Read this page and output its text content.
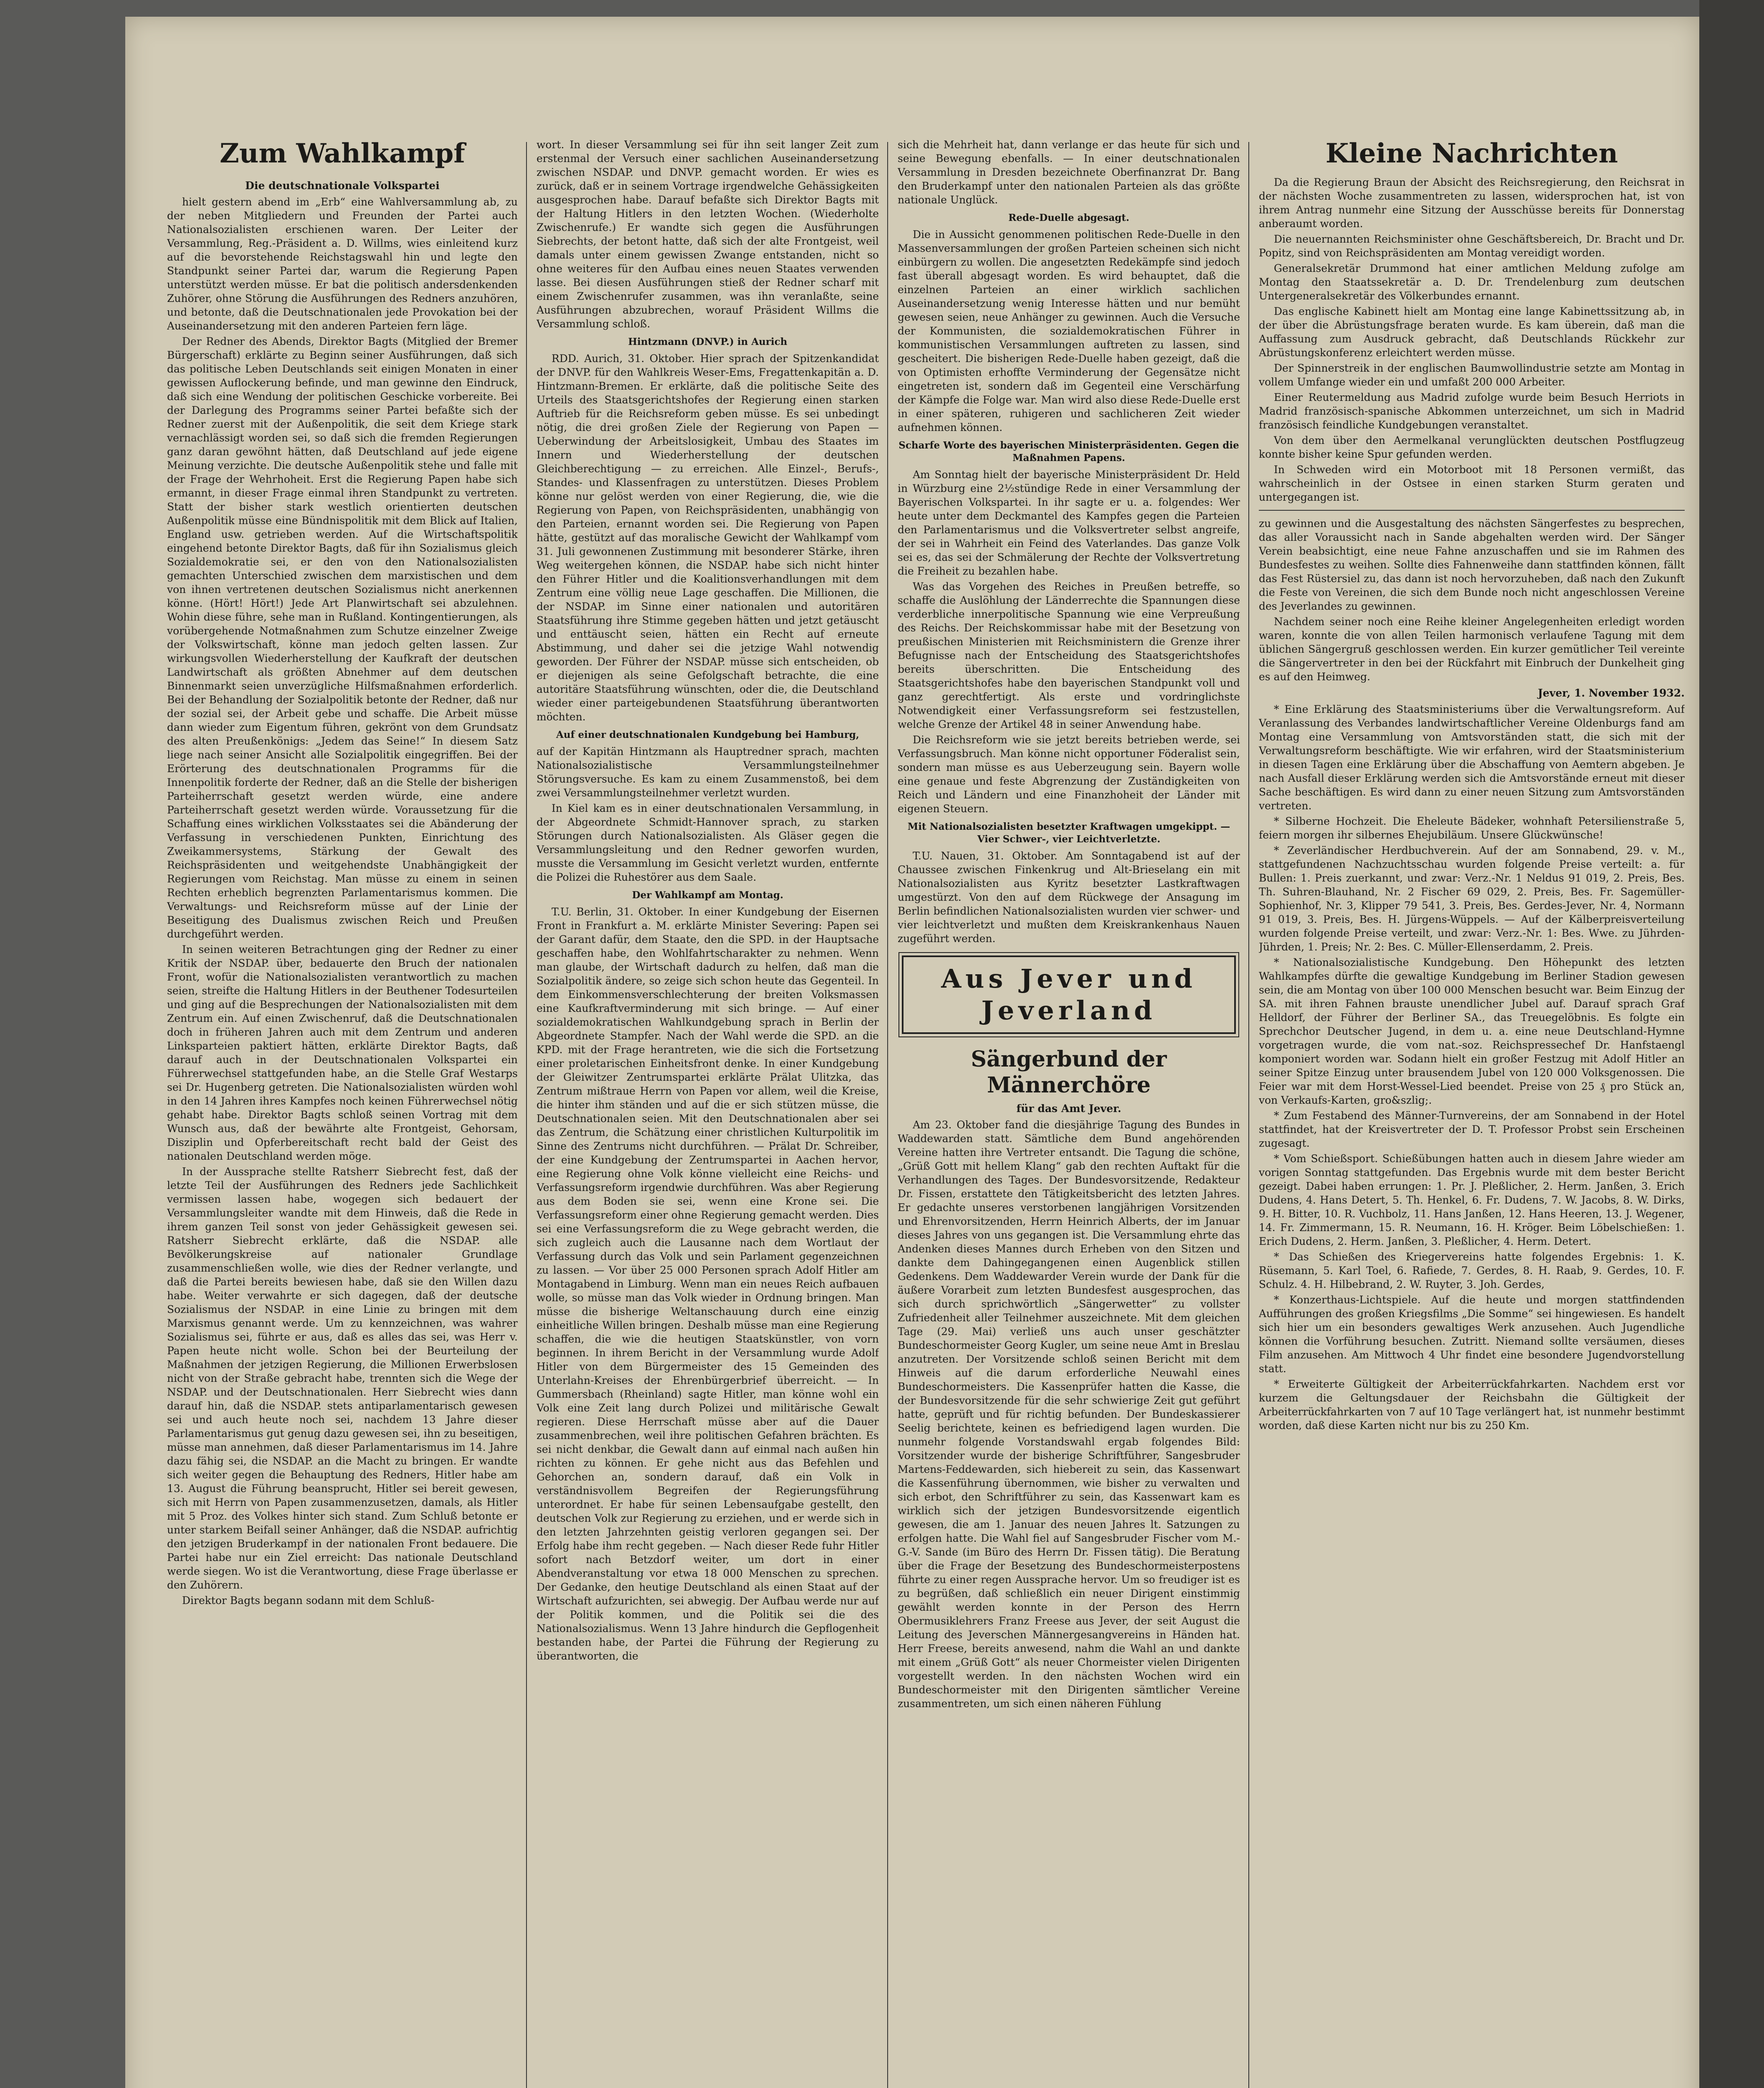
Zum Wahlkampf
Die deutschnationale Volkspartei

hielt gestern abend im „Erb“ eine Wahlversammlung ab, zu der neben Mitgliedern und Freunden der Partei auch Nationalsozialisten erschienen waren. Der Leiter der Versammlung, Reg.-Präsident a. D. Willms, wies einleitend kurz auf die bevorstehende Reichstagswahl hin und legte den Standpunkt seiner Partei dar, warum die Regierung Papen unterstützt werden müsse. Er bat die politisch andersdenkenden Zuhörer, ohne Störung die Ausführungen des Redners anzuhören, und betonte, daß die Deutschnationalen jede Provokation bei der Auseinandersetzung mit den anderen Parteien fern läge.

Der Redner des Abends, Direktor Bagts (Mitglied der Bremer Bürgerschaft) erklärte zu Beginn seiner Ausführungen, daß sich das politische Leben Deutschlands seit einigen Monaten in einer gewissen Auflockerung befinde, und man gewinne den Eindruck, daß sich eine Wendung der politischen Geschicke vorbereite. Bei der Darlegung des Programms seiner Partei befaßte sich der Redner zuerst mit der Außenpolitik, die seit dem Kriege stark vernachlässigt worden sei, so daß sich die fremden Regierungen ganz daran gewöhnt hätten, daß Deutschland auf jede eigene Meinung verzichte. Die deutsche Außenpolitik stehe und falle mit der Frage der Wehrhoheit. Erst die Regierung Papen habe sich ermannt, in dieser Frage einmal ihren Standpunkt zu vertreten. Statt der bisher stark westlich orientierten deutschen Außenpolitik müsse eine Bündnispolitik mit dem Blick auf Italien, England usw. getrieben werden. Auf die Wirtschaftspolitik eingehend betonte Direktor Bagts, daß für ihn Sozialismus gleich Sozialdemokratie sei, er den von den Nationalsozialisten gemachten Unterschied zwischen dem marxistischen und dem von ihnen vertretenen deutschen Sozialismus nicht anerkennen könne. (Hört! Hört!) Jede Art Planwirtschaft sei abzulehnen. Wohin diese führe, sehe man in Rußland. Kontingentierungen, als vorübergehende Notmaßnahmen zum Schutze einzelner Zweige der Volkswirtschaft, könne man jedoch gelten lassen. Zur wirkungsvollen Wiederherstellung der Kaufkraft der deutschen Landwirtschaft als größten Abnehmer auf dem deutschen Binnenmarkt seien unverzügliche Hilfsmaßnahmen erforderlich. Bei der Behandlung der Sozialpolitik betonte der Redner, daß nur der sozial sei, der Arbeit gebe und schaffe. Die Arbeit müsse dann wieder zum Eigentum führen, gekrönt von dem Grundsatz des alten Preußenkönigs: „Jedem das Seine!“ In diesem Satz liege nach seiner Ansicht alle Sozialpolitik eingegriffen. Bei der Erörterung des deutschnationalen Programms für die Innenpolitik forderte der Redner, daß an die Stelle der bisherigen Parteiherrschaft gesetzt werden würde, eine andere Parteiherrschaft gesetzt werden würde. Voraussetzung für die Schaffung eines wirklichen Volksstaates sei die Abänderung der Verfassung in verschiedenen Punkten, Einrichtung des Zweikammersystems, Stärkung der Gewalt des Reichspräsidenten und weitgehendste Unabhängigkeit der Regierungen vom Reichstag. Man müsse zu einem in seinen Rechten erheblich begrenzten Parlamentarismus kommen. Die Verwaltungs- und Reichsreform müsse auf der Linie der Beseitigung des Dualismus zwischen Reich und Preußen durchgeführt werden.

In seinen weiteren Betrachtungen ging der Redner zu einer Kritik der NSDAP. über, bedauerte den Bruch der nationalen Front, wofür die Nationalsozialisten verantwortlich zu machen seien, streifte die Haltung Hitlers in der Beuthener Todesurteilen und ging auf die Besprechungen der Nationalsozialisten mit dem Zentrum ein. Auf einen Zwischenruf, daß die Deutschnationalen doch in früheren Jahren auch mit dem Zentrum und anderen Linksparteien paktiert hätten, erklärte Direktor Bagts, daß darauf auch in der Deutschnationalen Volkspartei ein Führerwechsel stattgefunden habe, an die Stelle Graf Westarps sei Dr. Hugenberg getreten. Die Nationalsozialisten würden wohl in den 14 Jahren ihres Kampfes noch keinen Führerwechsel nötig gehabt habe. Direktor Bagts schloß seinen Vortrag mit dem Wunsch aus, daß der bewährte alte Frontgeist, Gehorsam, Disziplin und Opferbereitschaft recht bald der Geist des nationalen Deutschland werden möge.

In der Aussprache stellte Ratsherr Siebrecht fest, daß der letzte Teil der Ausführungen des Redners jede Sachlichkeit vermissen lassen habe, wogegen sich bedauert der Versammlungsleiter wandte mit dem Hinweis, daß die Rede in ihrem ganzen Teil sonst von jeder Gehässigkeit gewesen sei. Ratsherr Siebrecht erklärte, daß die NSDAP. alle Bevölkerungskreise auf nationaler Grundlage zusammenschließen wolle, wie dies der Redner verlangte, und daß die Partei bereits bewiesen habe, daß sie den Willen dazu habe. Weiter verwahrte er sich dagegen, daß der deutsche Sozialismus der NSDAP. in eine Linie zu bringen mit dem Marxismus genannt werde. Um zu kennzeichnen, was wahrer Sozialismus sei, führte er aus, daß es alles das sei, was Herr v. Papen heute nicht wolle. Schon bei der Beurteilung der Maßnahmen der jetzigen Regierung, die Millionen Erwerbslosen nicht von der Straße gebracht habe, trennten sich die Wege der NSDAP. und der Deutschnationalen. Herr Siebrecht wies dann darauf hin, daß die NSDAP. stets antiparlamentarisch gewesen sei und auch heute noch sei, nachdem 13 Jahre dieser Parlamentarismus gut genug dazu gewesen sei, ihn zu beseitigen, müsse man annehmen, daß dieser Parlamentarismus im 14. Jahre dazu fähig sei, die NSDAP. an die Macht zu bringen. Er wandte sich weiter gegen die Behauptung des Redners, Hitler habe am 13. August die Führung beansprucht, Hitler sei bereit gewesen, sich mit Herrn von Papen zusammenzusetzen, damals, als Hitler mit 5 Proz. des Volkes hinter sich stand. Zum Schluß betonte er unter starkem Beifall seiner Anhänger, daß die NSDAP. aufrichtig den jetzigen Bruderkampf in der nationalen Front bedauere. Die Partei habe nur ein Ziel erreicht: Das nationale Deutschland werde siegen. Wo ist die Verantwortung, diese Frage überlasse er den Zuhörern.

Direktor Bagts begann sodann mit dem Schluß-

wort. In dieser Versammlung sei für ihn seit langer Zeit zum erstenmal der Versuch einer sachlichen Auseinandersetzung zwischen NSDAP. und DNVP. gemacht worden. Er wies es zurück, daß er in seinem Vortrage irgendwelche Gehässigkeiten ausgesprochen habe. Darauf befaßte sich Direktor Bagts mit der Haltung Hitlers in den letzten Wochen. (Wiederholte Zwischenrufe.) Er wandte sich gegen die Ausführungen Siebrechts, der betont hatte, daß sich der alte Frontgeist, weil damals unter einem gewissen Zwange entstanden, nicht so ohne weiteres für den Aufbau eines neuen Staates verwenden lasse. Bei diesen Ausführungen stieß der Redner scharf mit einem Zwischenrufer zusammen, was ihn veranlaßte, seine Ausführungen abzubrechen, worauf Präsident Willms die Versammlung schloß.

Hintzmann (DNVP.) in Aurich

RDD. Aurich, 31. Oktober. Hier sprach der Spitzenkandidat der DNVP. für den Wahlkreis Weser-Ems, Fregattenkapitän a. D. Hintzmann-Bremen. Er erklärte, daß die politische Seite des Urteils des Staatsgerichtshofes der Regierung einen starken Auftrieb für die Reichsreform geben müsse. Es sei unbedingt nötig, die drei großen Ziele der Regierung von Papen — Ueberwindung der Arbeitslosigkeit, Umbau des Staates im Innern und Wiederherstellung der deutschen Gleichberechtigung — zu erreichen. Alle Einzel-, Berufs-, Standes- und Klassenfragen zu unterstützen. Dieses Problem könne nur gelöst werden von einer Regierung, die, wie die Regierung von Papen, von Reichspräsidenten, unabhängig von den Parteien, ernannt worden sei. Die Regierung von Papen hätte, gestützt auf das moralische Gewicht der Wahlkampf vom 31. Juli gewonnenen Zustimmung mit besonderer Stärke, ihren Weg weitergehen können, die NSDAP. habe sich nicht hinter den Führer Hitler und die Koalitionsverhandlungen mit dem Zentrum eine völlig neue Lage geschaffen. Die Millionen, die der NSDAP. im Sinne einer nationalen und autoritären Staatsführung ihre Stimme gegeben hätten und jetzt getäuscht und enttäuscht seien, hätten ein Recht auf erneute Abstimmung, und daher sei die jetzige Wahl notwendig geworden. Der Führer der NSDAP. müsse sich entscheiden, ob er diejenigen als seine Gefolgschaft betrachte, die eine autoritäre Staatsführung wünschten, oder die, die Deutschland wieder einer parteigebundenen Staatsführung überantworten möchten.

Auf einer deutschnationalen Kundgebung bei Hamburg,

auf der Kapitän Hintzmann als Hauptredner sprach, machten Nationalsozialistische Versammlungsteilnehmer Störungsversuche. Es kam zu einem Zusammenstoß, bei dem zwei Versammlungsteilnehmer verletzt wurden.

In Kiel kam es in einer deutschnationalen Versammlung, in der Abgeordnete Schmidt-Hannover sprach, zu starken Störungen durch Nationalsozialisten. Als Gläser gegen die Versammlungsleitung und den Redner geworfen wurden, musste die Versammlung im Gesicht verletzt wurden, entfernte die Polizei die Ruhestörer aus dem Saale.

Der Wahlkampf am Montag.

T.U. Berlin, 31. Oktober. In einer Kundgebung der Eisernen Front in Frankfurt a. M. erklärte Minister Severing: Papen sei der Garant dafür, dem Staate, den die SPD. in der Hauptsache geschaffen habe, den Wohlfahrtscharakter zu nehmen. Wenn man glaube, der Wirtschaft dadurch zu helfen, daß man die Sozialpolitik ändere, so zeige sich schon heute das Gegenteil. In dem Einkommensverschlechterung der breiten Volksmassen eine Kaufkraftverminderung mit sich bringe. — Auf einer sozialdemokratischen Wahlkundgebung sprach in Berlin der Abgeordnete Stampfer. Nach der Wahl werde die SPD. an die KPD. mit der Frage herantreten, wie die sich die Fortsetzung einer proletarischen Einheitsfront denke. In einer Kundgebung der Gleiwitzer Zentrumspartei erklärte Prälat Ulitzka, das Zentrum mißtraue Herrn von Papen vor allem, weil die Kreise, die hinter ihm ständen und auf die er sich stützen müsse, die Deutschnationalen seien. Mit den Deutschnationalen aber sei das Zentrum, die Schätzung einer christlichen Kulturpolitik im Sinne des Zentrums nicht durchführen. — Prälat Dr. Schreiber, der eine Kundgebung der Zentrumspartei in Aachen hervor, eine Regierung ohne Volk könne vielleicht eine Reichs- und Verfassungsreform irgendwie durchführen. Was aber Regierung aus dem Boden sie sei, wenn eine Krone sei. Die Verfassungsreform einer ohne Regierung gemacht werden. Dies sei eine Verfassungsreform die zu Wege gebracht werden, die sich zugleich auch die Lausanne nach dem Wortlaut der Verfassung durch das Volk und sein Parlament gegenzeichnen zu lassen. — Vor über 25 000 Personen sprach Adolf Hitler am Montagabend in Limburg. Wenn man ein neues Reich aufbauen wolle, so müsse man das Volk wieder in Ordnung bringen. Man müsse die bisherige Weltanschauung durch eine einzig einheitliche Willen bringen. Deshalb müsse man eine Regierung schaffen, die wie die heutigen Staatskünstler, von vorn beginnen. In ihrem Bericht in der Versammlung wurde Adolf Hitler von dem Bürgermeister des 15 Gemeinden des Unterlahn-Kreises der Ehrenbürgerbrief überreicht. — In Gummersbach (Rheinland) sagte Hitler, man könne wohl ein Volk eine Zeit lang durch Polizei und militärische Gewalt regieren. Diese Herrschaft müsse aber auf die Dauer zusammenbrechen, weil ihre politischen Gefahren brächten. Es sei nicht denkbar, die Gewalt dann auf einmal nach außen hin richten zu können. Er gehe nicht aus das Befehlen und Gehorchen an, sondern darauf, daß ein Volk in verständnisvollem Begreifen der Regierungsführung unterordnet. Er habe für seinen Lebensaufgabe gestellt, den deutschen Volk zur Regierung zu erziehen, und er werde sich in den letzten Jahrzehnten geistig verloren gegangen sei. Der Erfolg habe ihm recht gegeben. — Nach dieser Rede fuhr Hitler sofort nach Betzdorf weiter, um dort in einer Abendveranstaltung vor etwa 18 000 Menschen zu sprechen. Der Gedanke, den heutige Deutschland als einen Staat auf der Wirtschaft aufzurichten, sei abwegig. Der Aufbau werde nur auf der Politik kommen, und die Politik sei die des Nationalsozialismus. Wenn 13 Jahre hindurch die Gepflogenheit bestanden habe, der Partei die Führung der Regierung zu überantworten, die

sich die Mehrheit hat, dann verlange er das heute für sich und seine Bewegung ebenfalls. — In einer deutschnationalen Versammlung in Dresden bezeichnete Oberfinanzrat Dr. Bang den Bruderkampf unter den nationalen Parteien als das größte nationale Unglück.

Rede-Duelle abgesagt.

Die in Aussicht genommenen politischen Rede-Duelle in den Massenversammlungen der großen Parteien scheinen sich nicht einbürgern zu wollen. Die angesetzten Redekämpfe sind jedoch fast überall abgesagt worden. Es wird behauptet, daß die einzelnen Parteien an einer wirklich sachlichen Auseinandersetzung wenig Interesse hätten und nur bemüht gewesen seien, neue Anhänger zu gewinnen. Auch die Versuche der Kommunisten, die sozialdemokratischen Führer in kommunistischen Versammlungen auftreten zu lassen, sind gescheitert. Die bisherigen Rede-Duelle haben gezeigt, daß die von Optimisten erhoffte Verminderung der Gegensätze nicht eingetreten ist, sondern daß im Gegenteil eine Verschärfung der Kämpfe die Folge war. Man wird also diese Rede-Duelle erst in einer späteren, ruhigeren und sachlicheren Zeit wieder aufnehmen können.

Scharfe Worte des bayerischen Ministerpräsidenten. Gegen die Maßnahmen Papens.

Am Sonntag hielt der bayerische Ministerpräsident Dr. Held in Würzburg eine 2½stündige Rede in einer Versammlung der Bayerischen Volkspartei. In ihr sagte er u. a. folgendes: Wer heute unter dem Deckmantel des Kampfes gegen die Parteien den Parlamentarismus und die Volksvertreter selbst angreife, der sei in Wahrheit ein Feind des Vaterlandes. Das ganze Volk sei es, das sei der Schmälerung der Rechte der Volksvertretung die Freiheit zu bezahlen habe.

Was das Vorgehen des Reiches in Preußen betreffe, so schaffe die Auslöhlung der Länderrechte die Spannungen diese verderbliche innerpolitische Spannung wie eine Verpreußung des Reichs. Der Reichskommissar habe mit der Besetzung von preußischen Ministerien mit Reichsministern die Grenze ihrer Befugnisse nach der Entscheidung des Staatsgerichtshofes bereits überschritten. Die Entscheidung des Staatsgerichtshofes habe den bayerischen Standpunkt voll und ganz gerechtfertigt. Als erste und vordringlichste Notwendigkeit einer Verfassungsreform sei festzustellen, welche Grenze der Artikel 48 in seiner Anwendung habe.

Die Reichsreform wie sie jetzt bereits betrieben werde, sei Verfassungsbruch. Man könne nicht opportuner Föderalist sein, sondern man müsse es aus Ueberzeugung sein. Bayern wolle eine genaue und feste Abgrenzung der Zuständigkeiten von Reich und Ländern und eine Finanzhoheit der Länder mit eigenen Steuern.

Mit Nationalsozialisten besetzter Kraftwagen umgekippt. — Vier Schwer-, vier Leichtverletzte.

T.U. Nauen, 31. Oktober. Am Sonntagabend ist auf der Chaussee zwischen Finkenkrug und Alt-Brieselang ein mit Nationalsozialisten aus Kyritz besetzter Lastkraftwagen umgestürzt. Von den auf dem Rückwege der Ansagung im Berlin befindlichen Nationalsozialisten wurden vier schwer- und vier leichtverletzt und mußten dem Kreiskrankenhaus Nauen zugeführt werden.

Aus Jever und Jeverland
Sängerbund der Männerchöre
für das Amt Jever.

Am 23. Oktober fand die diesjährige Tagung des Bundes in Waddewarden statt. Sämtliche dem Bund angehörenden Vereine hatten ihre Vertreter entsandt. Die Tagung die schöne, „Grüß Gott mit hellem Klang“ gab den rechten Auftakt für die Verhandlungen des Tages. Der Bundesvorsitzende, Redakteur Dr. Fissen, erstattete den Tätigkeitsbericht des letzten Jahres. Er gedachte unseres verstorbenen langjährigen Vorsitzenden und Ehrenvorsitzenden, Herrn Heinrich Alberts, der im Januar dieses Jahres von uns gegangen ist. Die Versammlung ehrte das Andenken dieses Mannes durch Erheben von den Sitzen und dankte dem Dahingegangenen einen Augenblick stillen Gedenkens. Dem Waddewarder Verein wurde der Dank für die äußere Vorarbeit zum letzten Bundesfest ausgesprochen, das sich durch sprichwörtlich „Sängerwetter“ zu vollster Zufriedenheit aller Teilnehmer auszeichnete. Mit dem gleichen Tage (29. Mai) verließ uns auch unser geschätzter Bundeschormeister Georg Kugler, um seine neue Amt in Breslau anzutreten. Der Vorsitzende schloß seinen Bericht mit dem Hinweis auf die darum erforderliche Neuwahl eines Bundeschormeisters. Die Kassenprüfer hatten die Kasse, die der Bundesvorsitzende für die sehr schwierige Zeit gut geführt hatte, geprüft und für richtig befunden. Der Bundeskassierer Seelig berichtete, keinen es befriedigend lagen wurden. Die nunmehr folgende Vorstandswahl ergab folgendes Bild: Vorsitzender wurde der bisherige Schriftführer, Sangesbruder Martens-Feddewarden, sich hiebereit zu sein, das Kassenwart die Kassenführung übernommen, wie bisher zu verwalten und sich erbot, den Schriftführer zu sein, das Kassenwart kam es wirklich sich der jetzigen Bundesvorsitzende eigentlich gewesen, die am 1. Januar des neuen Jahres lt. Satzungen zu erfolgen hatte. Die Wahl fiel auf Sangesbruder Fischer vom M.-G.-V. Sande (im Büro des Herrn Dr. Fissen tätig). Die Beratung über die Frage der Besetzung des Bundeschormeisterpostens führte zu einer regen Aussprache hervor. Um so freudiger ist es zu begrüßen, daß schließlich ein neuer Dirigent einstimmig gewählt werden konnte in der Person des Herrn Obermusiklehrers Franz Freese aus Jever, der seit August die Leitung des Jeverschen Männergesangvereins in Händen hat. Herr Freese, bereits anwesend, nahm die Wahl an und dankte mit einem „Grüß Gott“ als neuer Chormeister vielen Dirigenten vorgestellt werden. In den nächsten Wochen wird ein Bundeschormeister mit den Dirigenten sämtlicher Vereine zusammentreten, um sich einen näheren Fühlung

Kleine Nachrichten

Da die Regierung Braun der Absicht des Reichsregierung, den Reichsrat in der nächsten Woche zusammentreten zu lassen, widersprochen hat, ist von ihrem Antrag nunmehr eine Sitzung der Ausschüsse bereits für Donnerstag anberaumt worden.

Die neuernannten Reichsminister ohne Geschäftsbereich, Dr. Bracht und Dr. Popitz, sind von Reichspräsidenten am Montag vereidigt worden.

Generalsekretär Drummond hat einer amtlichen Meldung zufolge am Montag den Staatssekretär a. D. Dr. Trendelenburg zum deutschen Untergeneralsekretär des Völkerbundes ernannt.

Das englische Kabinett hielt am Montag eine lange Kabinettssitzung ab, in der über die Abrüstungsfrage beraten wurde. Es kam überein, daß man die Auffassung zum Ausdruck gebracht, daß Deutschlands Rückkehr zur Abrüstungskonferenz erleichtert werden müsse.

Der Spinnerstreik in der englischen Baumwollindustrie setzte am Montag in vollem Umfange wieder ein und umfaßt 200 000 Arbeiter.

Einer Reutermeldung aus Madrid zufolge wurde beim Besuch Herriots in Madrid französisch-spanische Abkommen unterzeichnet, um sich in Madrid französisch feindliche Kundgebungen veranstaltet.

Von dem über den Aermelkanal verunglückten deutschen Postflugzeug konnte bisher keine Spur gefunden werden.

In Schweden wird ein Motorboot mit 18 Personen vermißt, das wahrscheinlich in der Ostsee in einen starken Sturm geraten und untergegangen ist.

zu gewinnen und die Ausgestaltung des nächsten Sängerfestes zu besprechen, das aller Voraussicht nach in Sande abgehalten werden wird. Der Sänger Verein beabsichtigt, eine neue Fahne anzuschaffen und sie im Rahmen des Bundesfestes zu weihen. Sollte dies Fahnenweihe dann stattfinden können, fällt das Fest Rüstersiel zu, das dann ist noch hervorzuheben, daß nach den Zukunft die Feste von Vereinen, die sich dem Bunde noch nicht angeschlossen Vereine des Jeverlandes zu gewinnen.

Nachdem seiner noch eine Reihe kleiner Angelegenheiten erledigt worden waren, konnte die von allen Teilen harmonisch verlaufene Tagung mit dem üblichen Sängergruß geschlossen werden. Ein kurzer gemütlicher Teil vereinte die Sängervertreter in den bei der Rückfahrt mit Einbruch der Dunkelheit ging es auf den Heimweg.

Jever, 1. November 1932.

* Eine Erklärung des Staatsministeriums über die Verwaltungsreform. Auf Veranlassung des Verbandes landwirtschaftlicher Vereine Oldenburgs fand am Montag eine Versammlung von Amtsvorständen statt, die sich mit der Verwaltungsreform beschäftigte. Wie wir erfahren, wird der Staatsministerium in diesen Tagen eine Erklärung über die Abschaffung von Aemtern abgeben. Je nach Ausfall dieser Erklärung werden sich die Amtsvorstände erneut mit dieser Sache beschäftigen. Es wird dann zu einer neuen Sitzung zum Amtsvorständen vertreten.

* Silberne Hochzeit. Die Eheleute Bädeker, wohnhaft Petersilienstraße 5, feiern morgen ihr silbernes Ehejubiläum. Unsere Glückwünsche!

* Zeverländischer Herdbuchverein. Auf der am Sonnabend, 29. v. M., stattgefundenen Nachzuchtsschau wurden folgende Preise verteilt: a. für Bullen: 1. Preis zuerkannt, und zwar: Verz.-Nr. 1 Neldus 91 019, 2. Preis, Bes. Th. Suhren-Blauhand, Nr. 2 Fischer 69 029, 2. Preis, Bes. Fr. Sagemüller-Sophienhof, Nr. 3, Klipper 79 541, 3. Preis, Bes. Gerdes-Jever, Nr. 4, Normann 91 019, 3. Preis, Bes. H. Jürgens-Wüppels. — Auf der Kälberpreisverteilung wurden folgende Preise verteilt, und zwar: Verz.-Nr. 1: Bes. Wwe. zu Jührden-Jührden, 1. Preis; Nr. 2: Bes. C. Müller-Ellenserdamm, 2. Preis.

* Nationalsozialistische Kundgebung. Den Höhepunkt des letzten Wahlkampfes dürfte die gewaltige Kundgebung im Berliner Stadion gewesen sein, die am Montag von über 100 000 Menschen besucht war. Beim Einzug der SA. mit ihren Fahnen brauste unendlicher Jubel auf. Darauf sprach Graf Helldorf, der Führer der Berliner SA., das Treuegelöbnis. Es folgte ein Sprechchor Deutscher Jugend, in dem u. a. eine neue Deutschland-Hymne vorgetragen wurde, die vom nat.-soz. Reichspressechef Dr. Hanfstaengl komponiert worden war. Sodann hielt ein großer Festzug mit Adolf Hitler an seiner Spitze Einzug unter brausendem Jubel von 120 000 Volksgenossen. Die Feier war mit dem Horst-Wessel-Lied beendet. Preise von 25 ₰ pro Stück an, von Verkaufs-Karten, gro&szlig;.

* Zum Festabend des Männer-Turnvereins, der am Sonnabend in der Hotel stattfindet, hat der Kreisvertreter der D. T. Professor Probst sein Erscheinen zugesagt.

* Vom Schießsport. Schießübungen hatten auch in diesem Jahre wieder am vorigen Sonntag stattgefunden. Das Ergebnis wurde mit dem bester Bericht gezeigt. Dabei haben errungen: 1. Pr. J. Pleßlicher, 2. Herm. Janßen, 3. Erich Dudens, 4. Hans Detert, 5. Th. Henkel, 6. Fr. Dudens, 7. W. Jacobs, 8. W. Dirks, 9. H. Bitter, 10. R. Vuchbolz, 11. Hans Janßen, 12. Hans Heeren, 13. J. Wegener, 14. Fr. Zimmermann, 15. R. Neumann, 16. H. Kröger. Beim Löbelschießen: 1. Erich Dudens, 2. Herm. Janßen, 3. Pleßlicher, 4. Herm. Detert.

* Das Schießen des Kriegervereins hatte folgendes Ergebnis: 1. K. Rüsemann, 5. Karl Toel, 6. Rafiede, 7. Gerdes, 8. H. Raab, 9. Gerdes, 10. F. Schulz. 4. H. Hilbebrand, 2. W. Ruyter, 3. Joh. Gerdes,

* Konzerthaus-Lichtspiele. Auf die heute und morgen stattfindenden Aufführungen des großen Kriegsfilms „Die Somme“ sei hingewiesen. Es handelt sich hier um ein besonders gewaltiges Werk anzusehen. Auch Jugendliche können die Vorführung besuchen. Zutritt. Niemand sollte versäumen, dieses Film anzusehen. Am Mittwoch 4 Uhr findet eine besondere Jugendvorstellung statt.

* Erweiterte Gültigkeit der Arbeiterrückfahrkarten. Nachdem erst vor kurzem die Geltungsdauer der Reichsbahn die Gültigkeit der Arbeiterrückfahrkarten von 7 auf 10 Tage verlängert hat, ist nunmehr bestimmt worden, daß diese Karten nicht nur bis zu 250 Km.
